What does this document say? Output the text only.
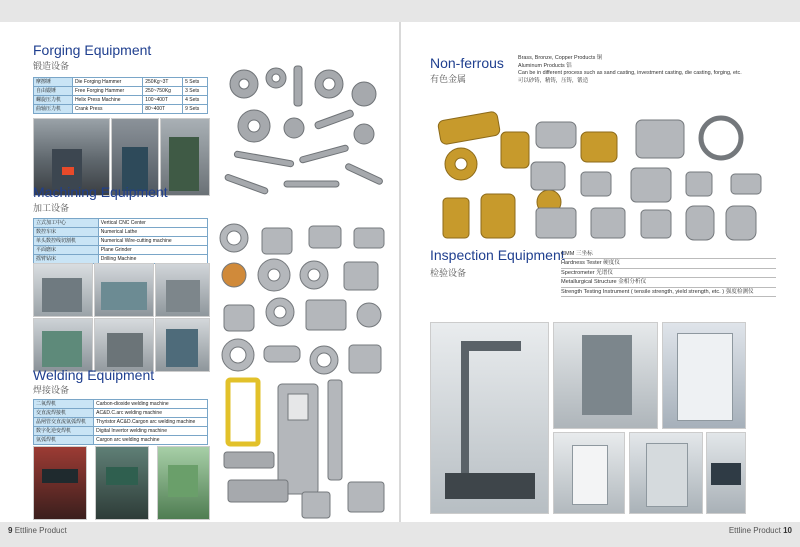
Forging Equipment
锻造设备
摩擦锤	Die Forging Hammer	250Kg~3T	5 Sets
自由锻锤	Free Forging Hammer	250~750Kg	3 Sets
螺旋压力机	Helix Press Machine	100~400T	4 Sets
曲轴压力机	Crank Press	80~400T	9 Sets
Machining Equipment
加工设备
立式加工中心	Vertical CNC Center
数控车床	Numerical Lathe
单头数控线切割机	Numerical Wire-cutting machine
平面磨床	Plane Grinder
摇臂钻床	Drilling Machine
Welding Equipment
焊接设备
二氧焊机	Carbon-dioxide welding machine
交直流焊接机	AC&D.C.arc welding machine
晶闸管交直流氩弧焊机	Thyristor AC&D.Cargon arc welding machine
数字化逆变焊机	Digital Invertor welding machine
氩弧焊机	Cargon arc welding machine
9 Ettline Product
Non-ferrous
有色金属
Brass, Bronze, Copper Products 铜
Aluminum Products 铝
Can be in different process such as sand casting, investment casting, die casting, forging, etc.
可以砂铸，精铸，压铸，锻造
Inspection Equipment
检验设备
CMM 三坐标
Hardness Tester 硬度仪
Spectrometer 光谱仪
Metallurgical Structure 金相分析仪
Strength Testing Instrument ( tensile strength, yield strength, etc. ) 强度检测仪
Ettline Product 10
